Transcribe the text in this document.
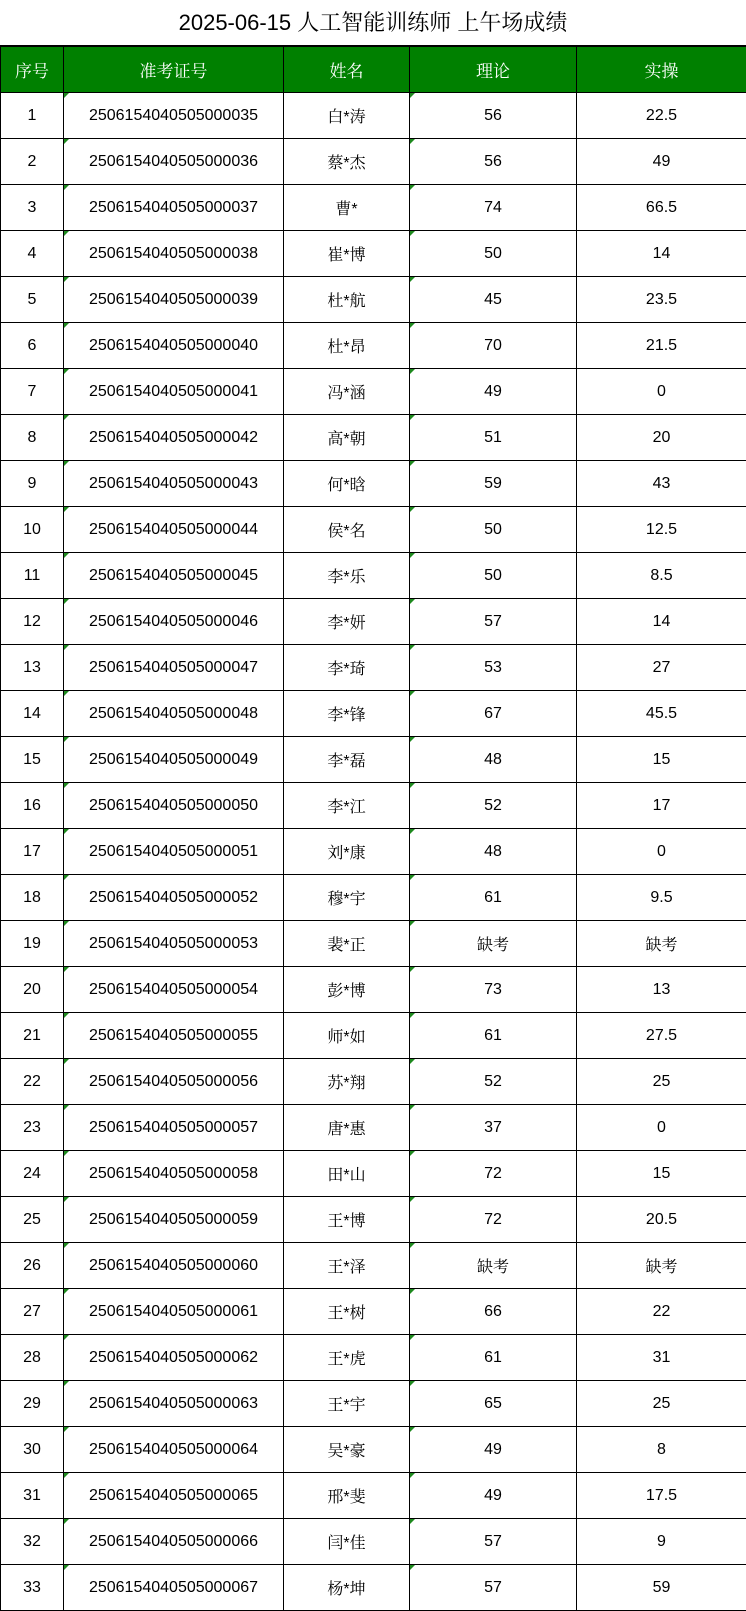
2025-06-15 人工智能训练师 上午场成绩
序号	准考证号	姓名	理论	实操
1	2506154040505000035	白*涛	56	22.5
2	2506154040505000036	蔡*杰	56	49
3	2506154040505000037	曹*	74	66.5
4	2506154040505000038	崔*博	50	14
5	2506154040505000039	杜*航	45	23.5
6	2506154040505000040	杜*昂	70	21.5
7	2506154040505000041	冯*涵	49	0
8	2506154040505000042	高*朝	51	20
9	2506154040505000043	何*晗	59	43
10	2506154040505000044	侯*名	50	12.5
11	2506154040505000045	李*乐	50	8.5
12	2506154040505000046	李*妍	57	14
13	2506154040505000047	李*琦	53	27
14	2506154040505000048	李*锋	67	45.5
15	2506154040505000049	李*磊	48	15
16	2506154040505000050	李*江	52	17
17	2506154040505000051	刘*康	48	0
18	2506154040505000052	穆*宇	61	9.5
19	2506154040505000053	裴*正	缺考	缺考
20	2506154040505000054	彭*博	73	13
21	2506154040505000055	师*如	61	27.5
22	2506154040505000056	苏*翔	52	25
23	2506154040505000057	唐*惠	37	0
24	2506154040505000058	田*山	72	15
25	2506154040505000059	王*博	72	20.5
26	2506154040505000060	王*泽	缺考	缺考
27	2506154040505000061	王*树	66	22
28	2506154040505000062	王*虎	61	31
29	2506154040505000063	王*宇	65	25
30	2506154040505000064	吴*豪	49	8
31	2506154040505000065	邢*斐	49	17.5
32	2506154040505000066	闫*佳	57	9
33	2506154040505000067	杨*坤	57	59
